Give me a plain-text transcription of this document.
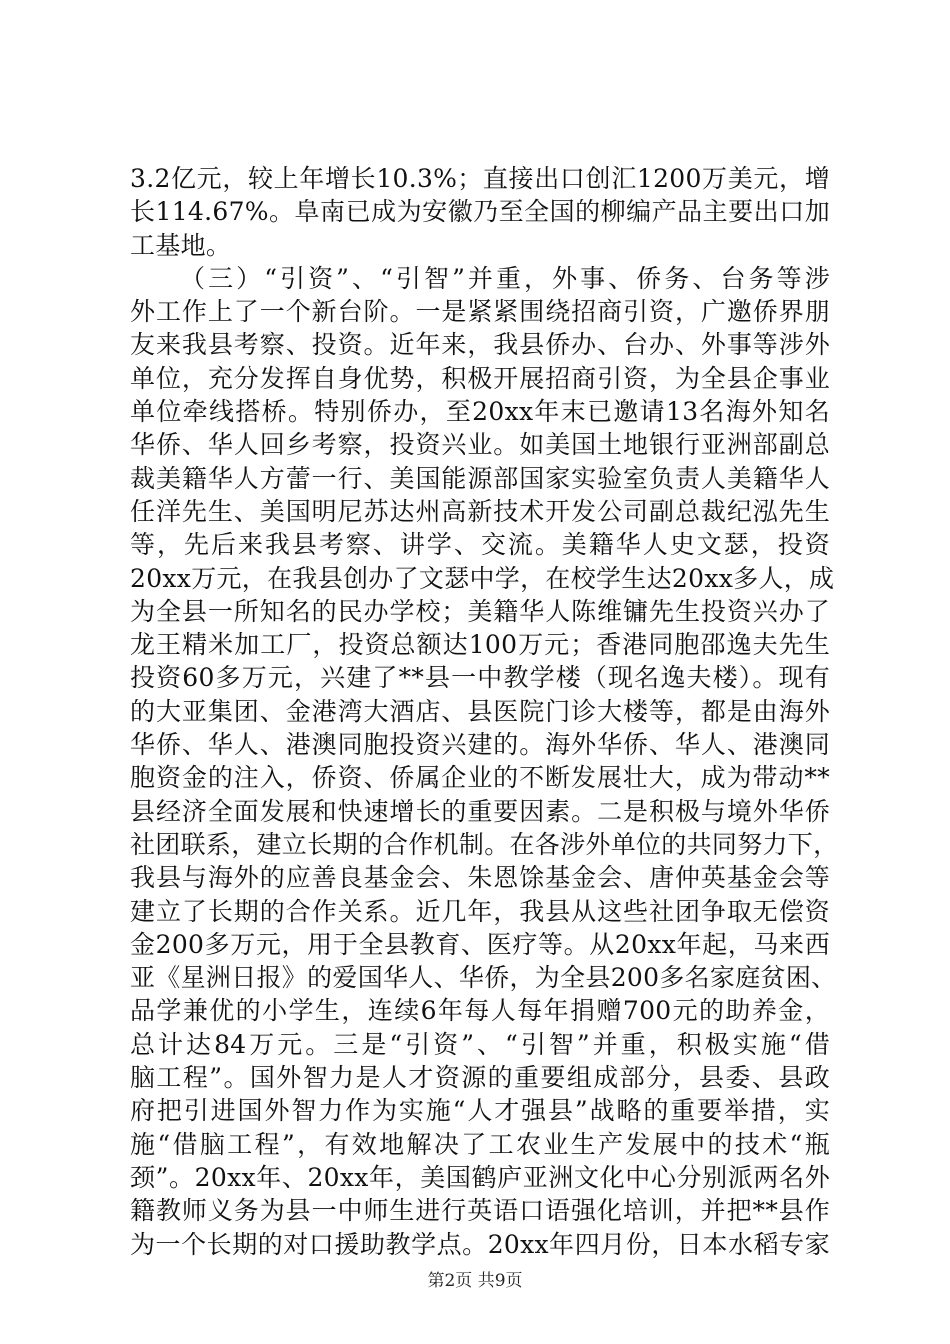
3.2亿元，较上年增长10.3%；直接出口创汇1200万美元，增
长114.67%。阜南已成为安徽乃至全国的柳编产品主要出口加
工基地。
（三）“引资”、“引智”并重，外事、侨务、台务等涉
外工作上了一个新台阶。一是紧紧围绕招商引资，广邀侨界朋
友来我县考察、投资。近年来，我县侨办、台办、外事等涉外
单位，充分发挥自身优势，积极开展招商引资，为全县企事业
单位牵线搭桥。特别侨办，至20xx年末已邀请13名海外知名
华侨、华人回乡考察，投资兴业。如美国土地银行亚洲部副总
裁美籍华人方蕾一行、美国能源部国家实验室负责人美籍华人
任洋先生、美国明尼苏达州高新技术开发公司副总裁纪泓先生
等，先后来我县考察、讲学、交流。美籍华人史文瑟，投资
20xx万元，在我县创办了文瑟中学，在校学生达20xx多人，成
为全县一所知名的民办学校；美籍华人陈维镛先生投资兴办了
龙王精米加工厂，投资总额达100万元；香港同胞邵逸夫先生
投资60多万元，兴建了**县一中教学楼（现名逸夫楼）。现有
的大亚集团、金港湾大酒店、县医院门诊大楼等，都是由海外
华侨、华人、港澳同胞投资兴建的。海外华侨、华人、港澳同
胞资金的注入，侨资、侨属企业的不断发展壮大，成为带动**
县经济全面发展和快速增长的重要因素。二是积极与境外华侨
社团联系，建立长期的合作机制。在各涉外单位的共同努力下，
我县与海外的应善良基金会、朱恩馀基金会、唐仲英基金会等
建立了长期的合作关系。近几年，我县从这些社团争取无偿资
金200多万元，用于全县教育、医疗等。从20xx年起，马来西
亚《星洲日报》的爱国华人、华侨，为全县200多名家庭贫困、
品学兼优的小学生，连续6年每人每年捐赠700元的助养金，
总计达84万元。三是“引资”、“引智”并重，积极实施“借
脑工程”。国外智力是人才资源的重要组成部分，县委、县政
府把引进国外智力作为实施“人才强县”战略的重要举措，实
施“借脑工程”，有效地解决了工农业生产发展中的技术“瓶
颈”。20xx年、20xx年，美国鹤庐亚洲文化中心分别派两名外
籍教师义务为县一中师生进行英语口语强化培训，并把**县作
为一个长期的对口援助教学点。20xx年四月份，日本水稻专家
第2页 共9页
